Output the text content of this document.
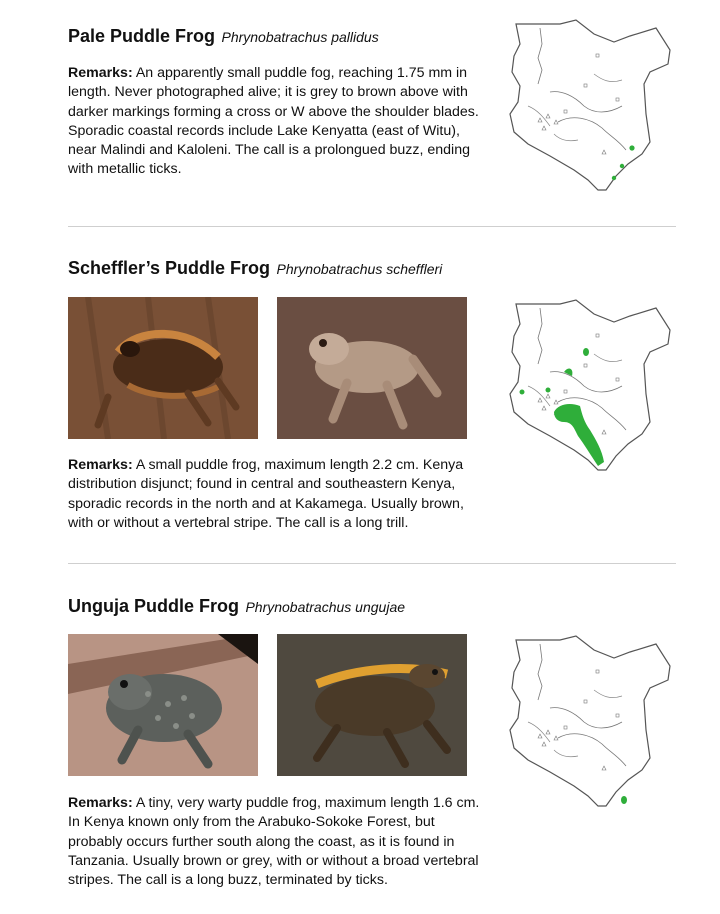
Pale Puddle Frog Phrynobatrachus pallidus
Remarks: An apparently small puddle fog, reaching 1.75 mm in length. Never photographed alive; it is grey to brown above with darker markings forming a cross or W above the shoulder blades. Sporadic coastal records include Lake Kenyatta (east of Witu), near Malindi and Kaloleni. The call is a prolongued buzz, ending with metallic ticks.
Scheffler’s Puddle Frog Phrynobatrachus scheffleri
Remarks: A small puddle frog, maximum length 2.2 cm. Kenya distribution disjunct; found in central and southeastern Kenya, sporadic records in the north and at Kakamega. Usually brown, with or without a vertebral stripe. The call is a long trill.
Unguja Puddle Frog Phrynobatrachus ungujae
Remarks: A tiny, very warty puddle frog, maximum length 1.6 cm. In Kenya known only from the Arabuko-Sokoke Forest, but probably occurs further south along the coast, as it is found in Tanzania. Usually brown or grey, with or without a broad vertebral stripes. The call is a long buzz, terminated by ticks.
